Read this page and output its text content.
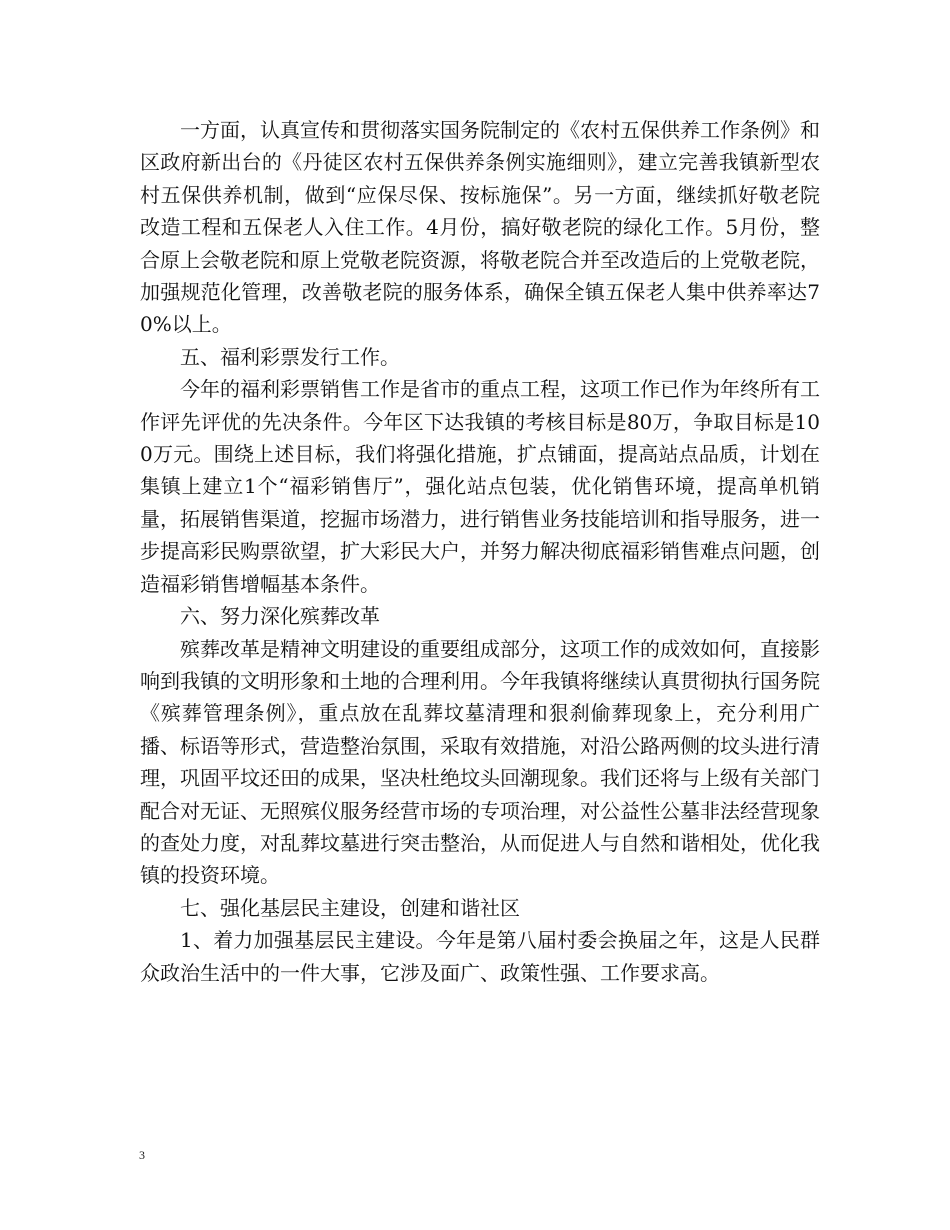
一方面，认真宣传和贯彻落实国务院制定的《农村五保供养工作条例》和区政府新出台的《丹徒区农村五保供养条例实施细则》，建立完善我镇新型农村五保供养机制，做到“应保尽保、按标施保”。另一方面，继续抓好敬老院改造工程和五保老人入住工作。4月份，搞好敬老院的绿化工作。5月份，整合原上会敬老院和原上党敬老院资源，将敬老院合并至改造后的上党敬老院，加强规范化管理，改善敬老院的服务体系，确保全镇五保老人集中供养率达70%以上。

五、福利彩票发行工作。

今年的福利彩票销售工作是省市的重点工程，这项工作已作为年终所有工作评先评优的先决条件。今年区下达我镇的考核目标是80万，争取目标是100万元。围绕上述目标，我们将强化措施，扩点铺面，提高站点品质，计划在集镇上建立1个“福彩销售厅”，强化站点包装，优化销售环境，提高单机销量，拓展销售渠道，挖掘市场潜力，进行销售业务技能培训和指导服务，进一步提高彩民购票欲望，扩大彩民大户，并努力解决彻底福彩销售难点问题，创造福彩销售增幅基本条件。

六、努力深化殡葬改革

殡葬改革是精神文明建设的重要组成部分，这项工作的成效如何，直接影响到我镇的文明形象和土地的合理利用。今年我镇将继续认真贯彻执行国务院《殡葬管理条例》，重点放在乱葬坟墓清理和狠刹偷葬现象上，充分利用广播、标语等形式，营造整治氛围，采取有效措施，对沿公路两侧的坟头进行清理，巩固平坟还田的成果，坚决杜绝坟头回潮现象。我们还将与上级有关部门配合对无证、无照殡仪服务经营市场的专项治理，对公益性公墓非法经营现象的查处力度，对乱葬坟墓进行突击整治，从而促进人与自然和谐相处，优化我镇的投资环境。

七、强化基层民主建设，创建和谐社区

1、着力加强基层民主建设。今年是第八届村委会换届之年，这是人民群众政治生活中的一件大事，它涉及面广、政策性强、工作要求高。

3
